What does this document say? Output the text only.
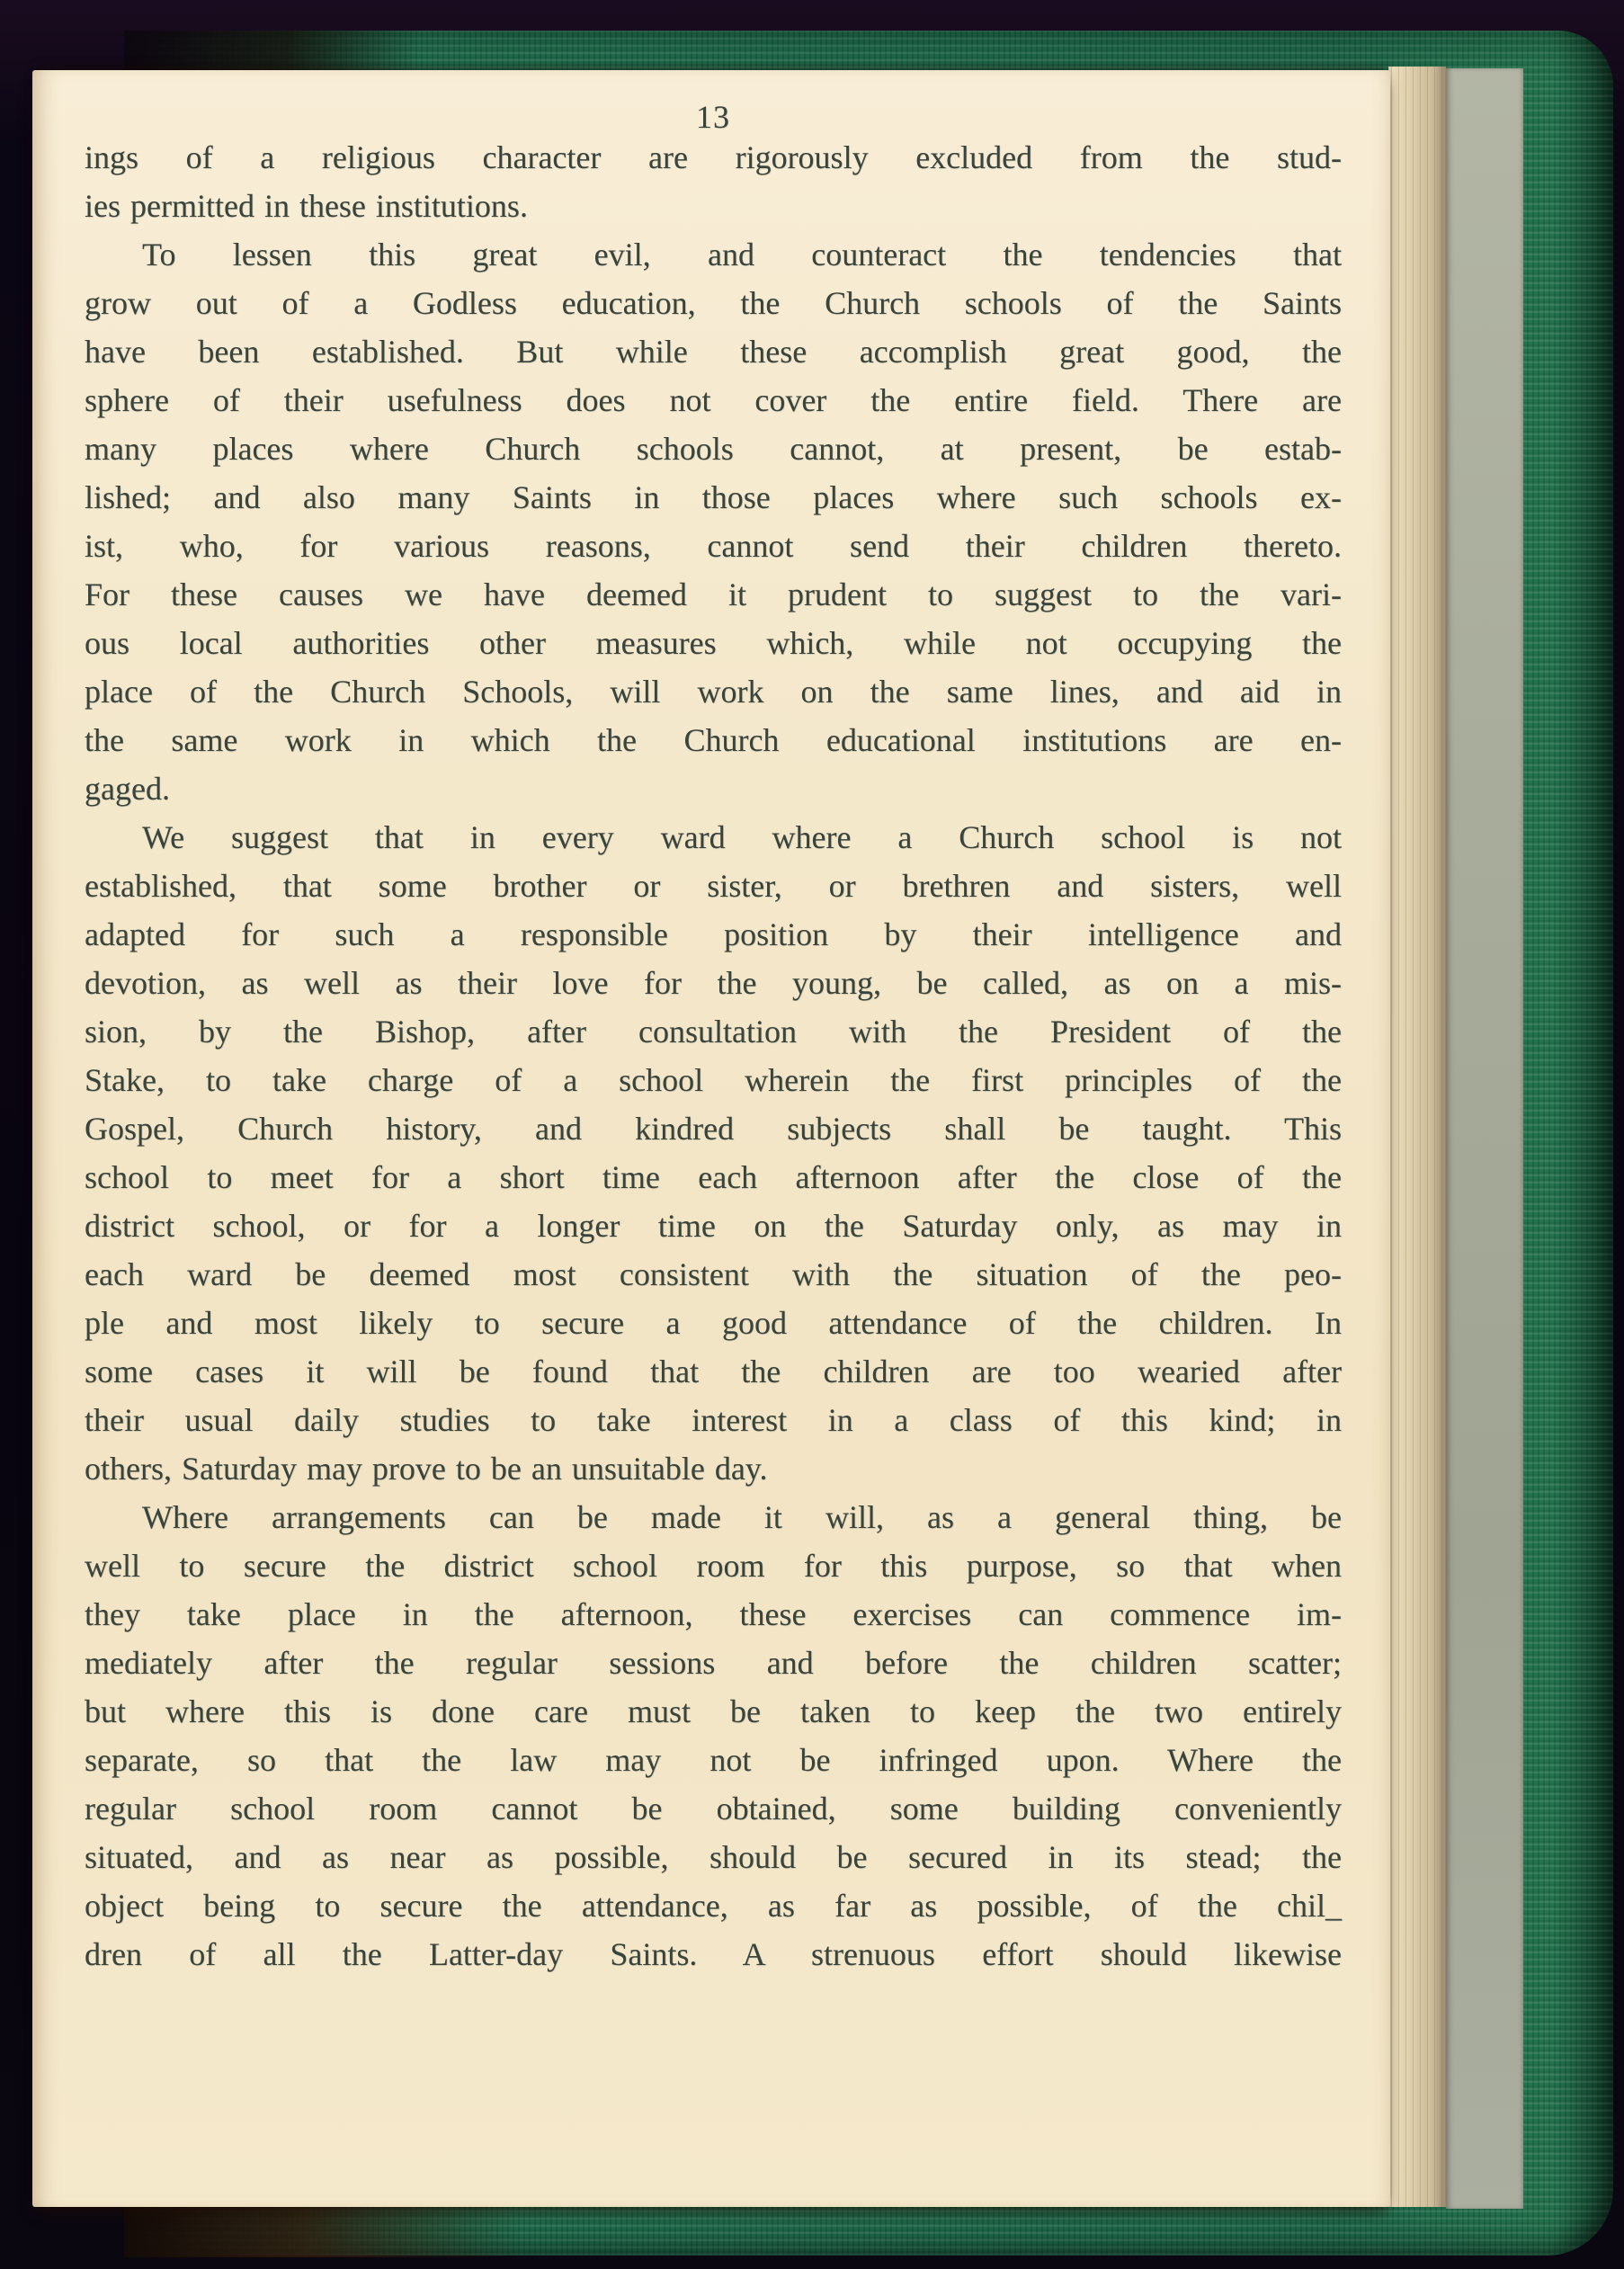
13
ings of a religious character are rigorously excluded from the stud-
ies permitted in these institutions.
To lessen this great evil, and counteract the tendencies that
grow out of a Godless education, the Church schools of the Saints
have been established. But while these accomplish great good, the
sphere of their usefulness does not cover the entire field. There are
many places where Church schools cannot, at present, be estab-
lished; and also many Saints in those places where such schools ex-
ist, who, for various reasons, cannot send their children thereto.
For these causes we have deemed it prudent to suggest to the vari-
ous local authorities other measures which, while not occupying the
place of the Church Schools, will work on the same lines, and aid in
the same work in which the Church educational institutions are en-
gaged.
We suggest that in every ward where a Church school is not
established, that some brother or sister, or brethren and sisters, well
adapted for such a responsible position by their intelligence and
devotion, as well as their love for the young, be called, as on a mis-
sion, by the Bishop, after consultation with the President of the
Stake, to take charge of a school wherein the first principles of the
Gospel, Church history, and kindred subjects shall be taught. This
school to meet for a short time each afternoon after the close of the
district school, or for a longer time on the Saturday only, as may in
each ward be deemed most consistent with the situation of the peo-
ple and most likely to secure a good attendance of the children. In
some cases it will be found that the children are too wearied after
their usual daily studies to take interest in a class of this kind; in
others, Saturday may prove to be an unsuitable day.
Where arrangements can be made it will, as a general thing, be
well to secure the district school room for this purpose, so that when
they take place in the afternoon, these exercises can commence im-
mediately after the regular sessions and before the children scatter;
but where this is done care must be taken to keep the two entirely
separate, so that the law may not be infringed upon. Where the
regular school room cannot be obtained, some building conveniently
situated, and as near as possible, should be secured in its stead; the
object being to secure the attendance, as far as possible, of the chil_
dren of all the Latter-day Saints. A strenuous effort should likewise
